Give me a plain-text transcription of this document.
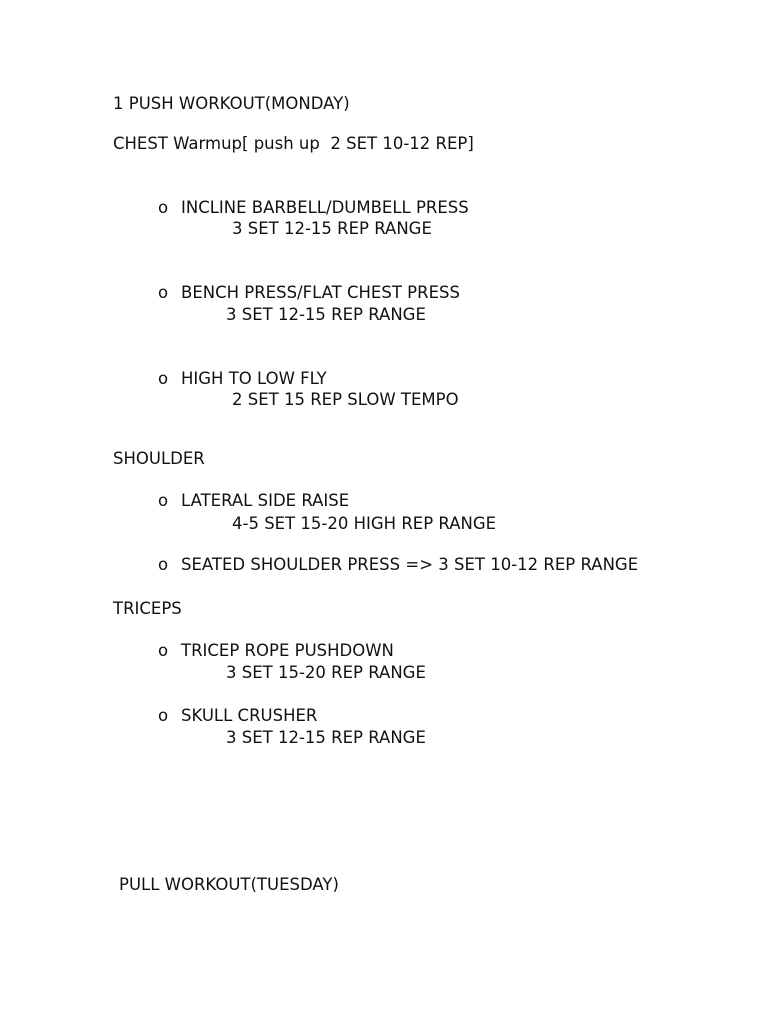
1 PUSH WORKOUT(MONDAY)
CHEST Warmup[ push up  2 SET 10-12 REP]
o INCLINE BARBELL/DUMBELL PRESS
3 SET 12-15 REP RANGE
o BENCH PRESS/FLAT CHEST PRESS
3 SET 12-15 REP RANGE
o HIGH TO LOW FLY
2 SET 15 REP SLOW TEMPO
SHOULDER
o LATERAL SIDE RAISE
4-5 SET 15-20 HIGH REP RANGE
o SEATED SHOULDER PRESS => 3 SET 10-12 REP RANGE
TRICEPS
o TRICEP ROPE PUSHDOWN
3 SET 15-20 REP RANGE
o SKULL CRUSHER
3 SET 12-15 REP RANGE
PULL WORKOUT(TUESDAY)
